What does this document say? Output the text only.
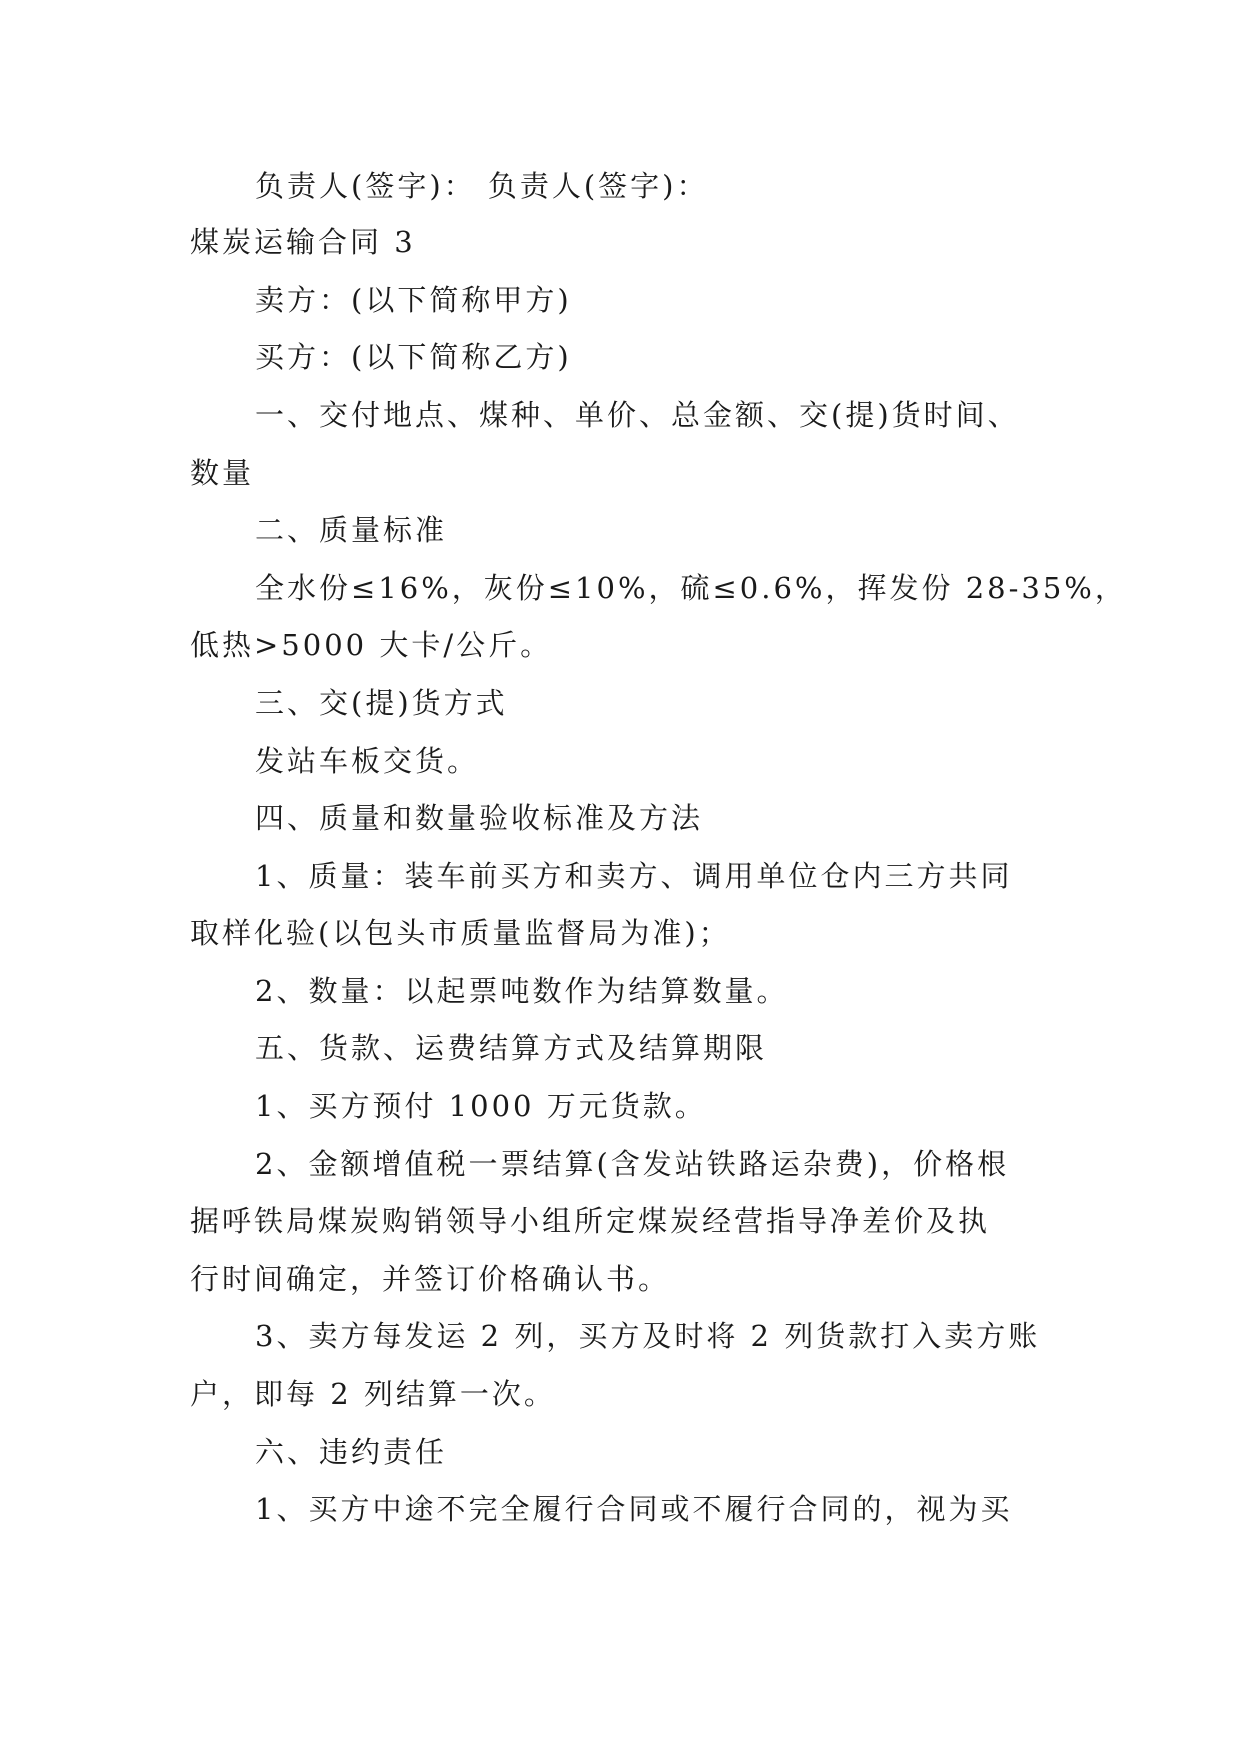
负责人(签字)： 负责人(签字)：
煤炭运输合同 3
卖方：(以下简称甲方)
买方：(以下简称乙方)
一、交付地点、煤种、单价、总金额、交(提)货时间、
数量
二、质量标准
全水份≤16%，灰份≤10%，硫≤0.6%，挥发份 28-35%，
低热>5000 大卡/公斤。
三、交(提)货方式
发站车板交货。
四、质量和数量验收标准及方法
1、质量：装车前买方和卖方、调用单位仓内三方共同
取样化验(以包头市质量监督局为准)；
2、数量：以起票吨数作为结算数量。
五、货款、运费结算方式及结算期限
1、买方预付 1000 万元货款。
2、金额增值税一票结算(含发站铁路运杂费)，价格根
据呼铁局煤炭购销领导小组所定煤炭经营指导净差价及执
行时间确定，并签订价格确认书。
3、卖方每发运 2 列，买方及时将 2 列货款打入卖方账
户，即每 2 列结算一次。
六、违约责任
1、买方中途不完全履行合同或不履行合同的，视为买
